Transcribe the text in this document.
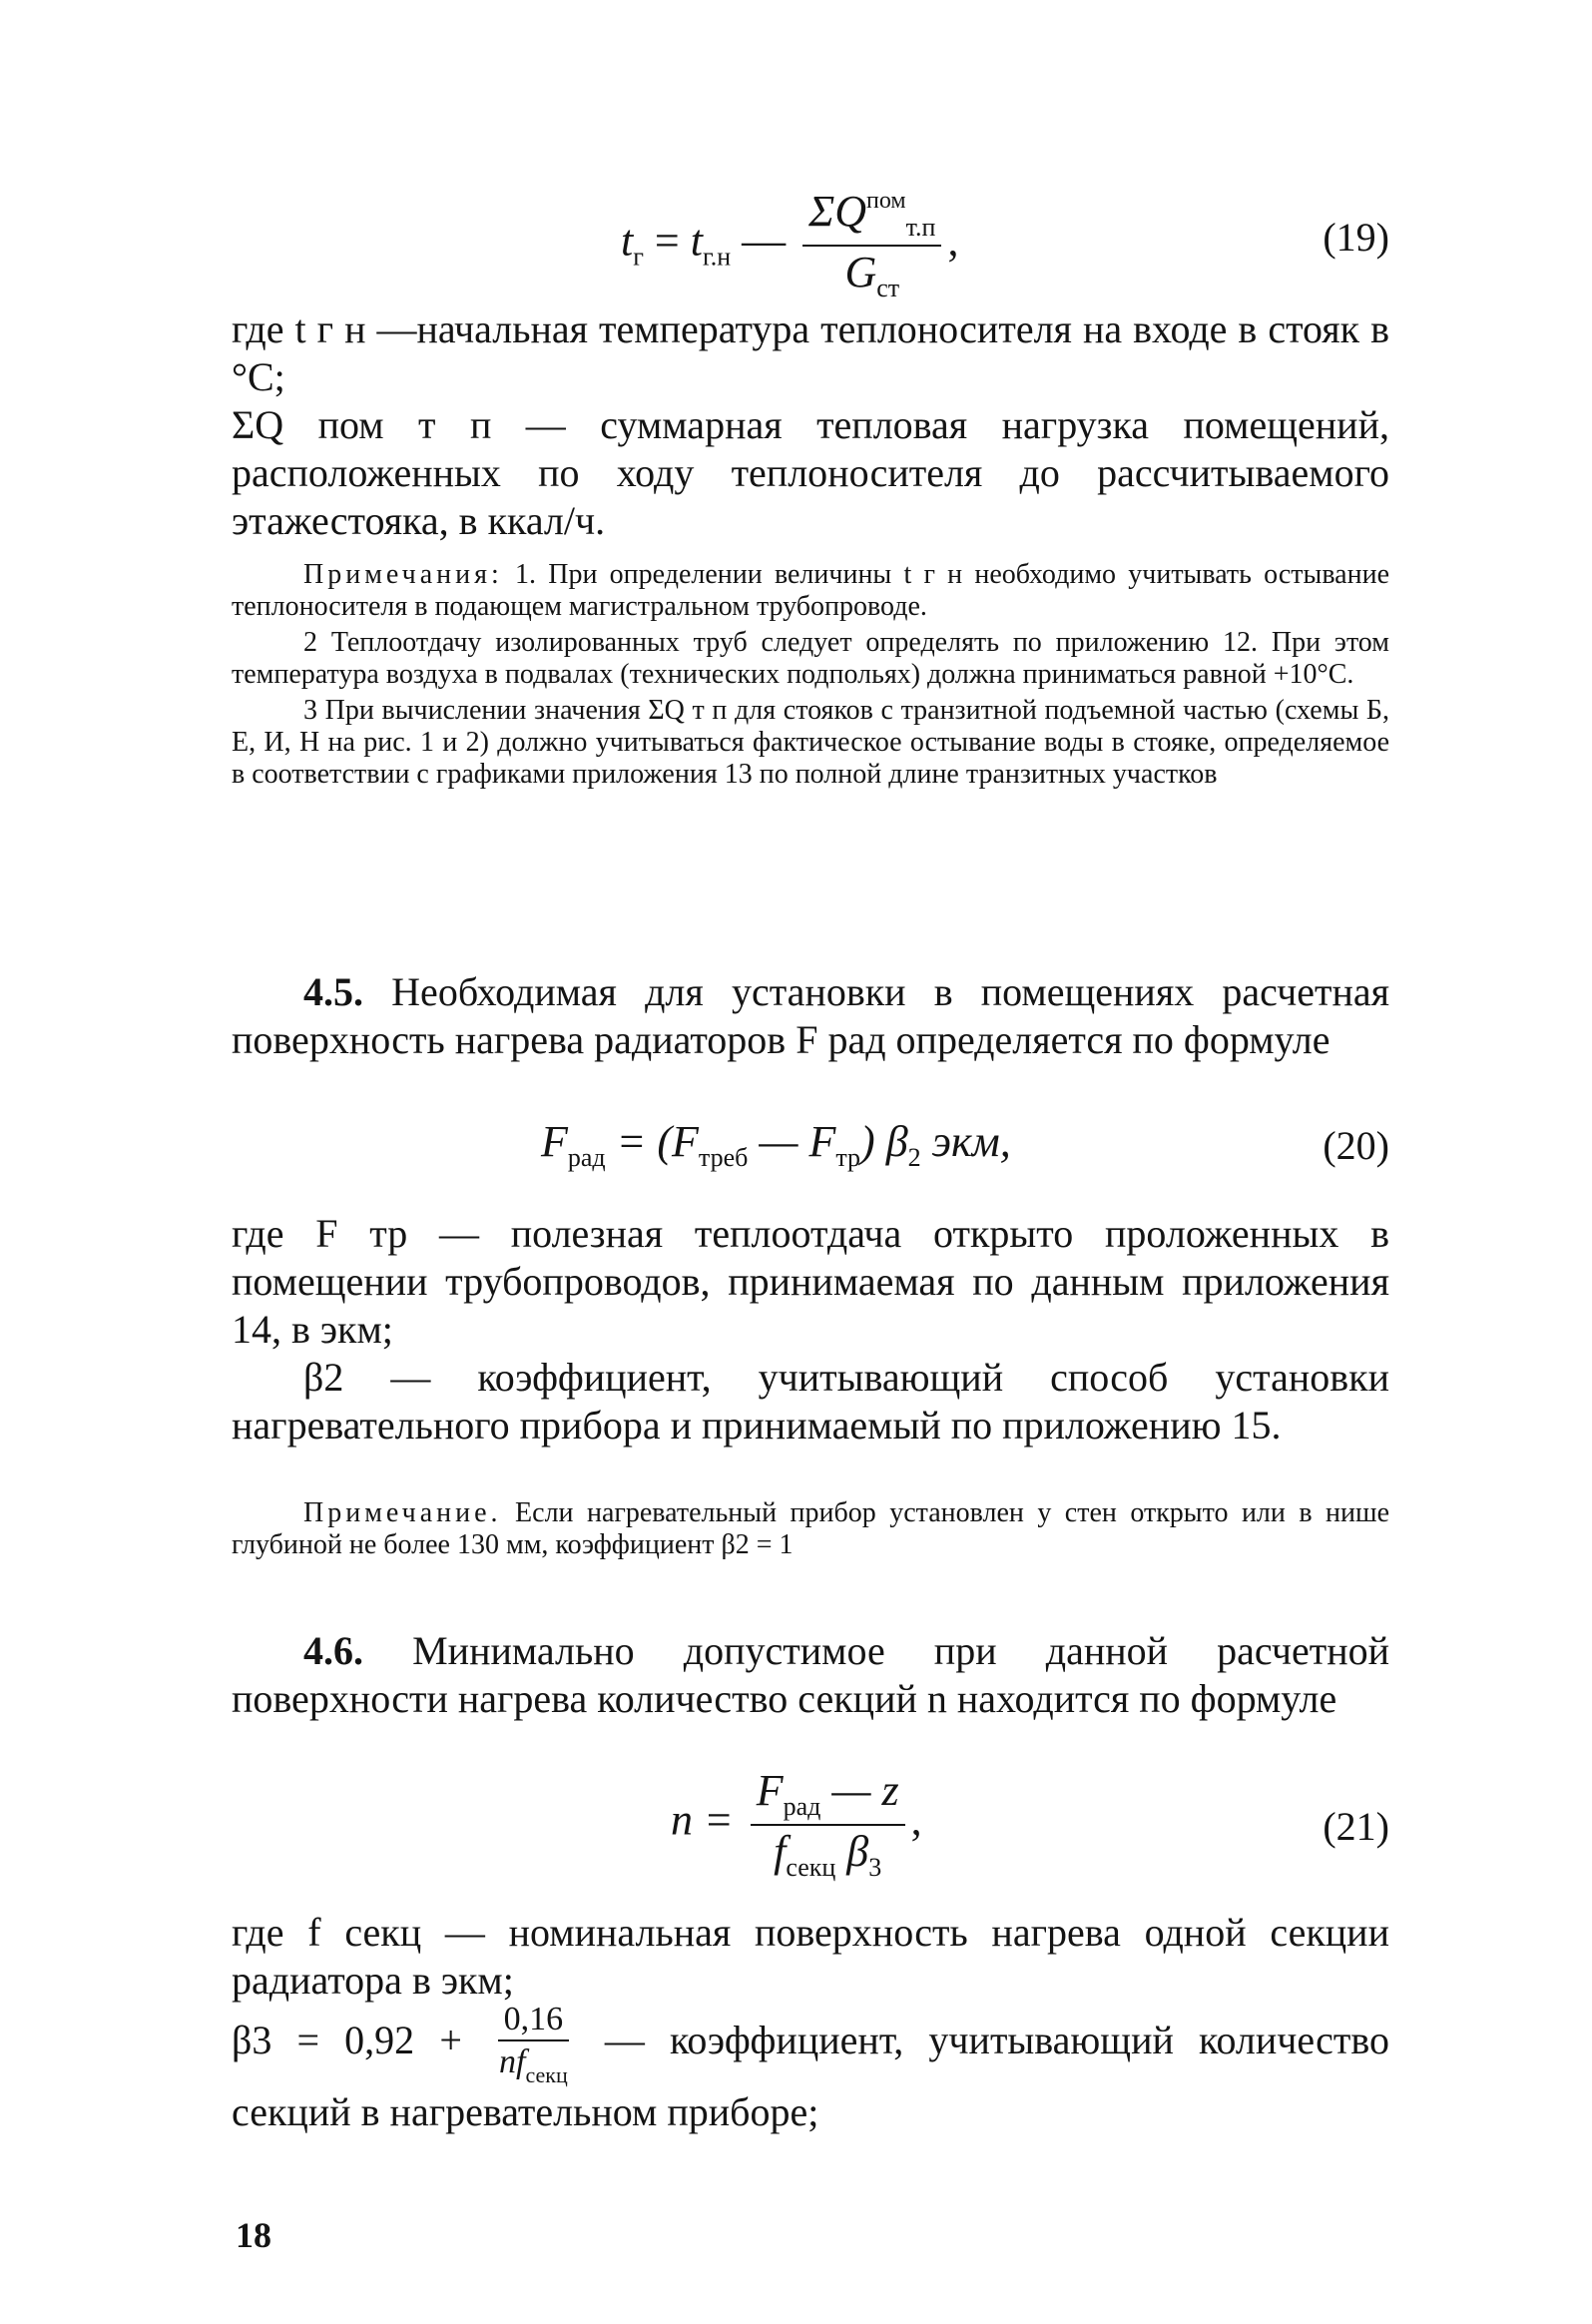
$t_г = t_{г.н}$ — $\frac{\Sigma Q^{пом}_{т.п}}{G_{ст}}$ ,	(19)

где t г н —начальная температура теплоносителя на входе в стояк в °С;

ΣQ пом т п — суммарная тепловая нагрузка помещений, расположенных по ходу теплоносителя до рассчитываемого этажестояка, в ккал/ч.

Примечания: 1. При определении величины t г н необходимо учитывать остывание теплоносителя в подающем магистральном трубопроводе.

2 Теплоотдачу изолированных труб следует определять по приложению 12. При этом температура воздуха в подвалах (технических подпольях) должна приниматься равной +10°С.

3 При вычислении значения ΣQ т п для стояков с транзитной подъемной частью (схемы Б, Е, И, Н на рис. 1 и 2) должно учитываться фактическое остывание воды в стояке, определяемое в соответствии с графиками приложения 13 по полной длине транзитных участков

4.5. Необходимая для установки в помещениях расчетная поверхность нагрева радиаторов F рад определяется по формуле

$F_{рад} = (F_{треб}$ — $F_{тр}$) $\beta_2$ экм,	(20)

где F тр — полезная теплоотдача открыто проложенных в помещении трубопроводов, принимаемая по данным приложения 14, в экм;

β2 — коэффициент, учитывающий способ установки нагревательного прибора и принимаемый по приложению 15.

Примечание. Если нагревательный прибор установлен у стен открыто или в нише глубиной не более 130 мм, коэффициент β2 = 1

4.6. Минимально допустимое при данной расчетной поверхности нагрева количество секций n находится по формуле

$n = \frac{F_{рад} — z}{f_{секц} \beta_3}$ ,	(21)

где f секц — номинальная поверхность нагрева одной секции радиатора в экм;

$\beta 3 = 0,92 + \frac{0,16}{nf_{секц}}$ — коэффициент, учитывающий количество секций в нагревательном приборе;
18
